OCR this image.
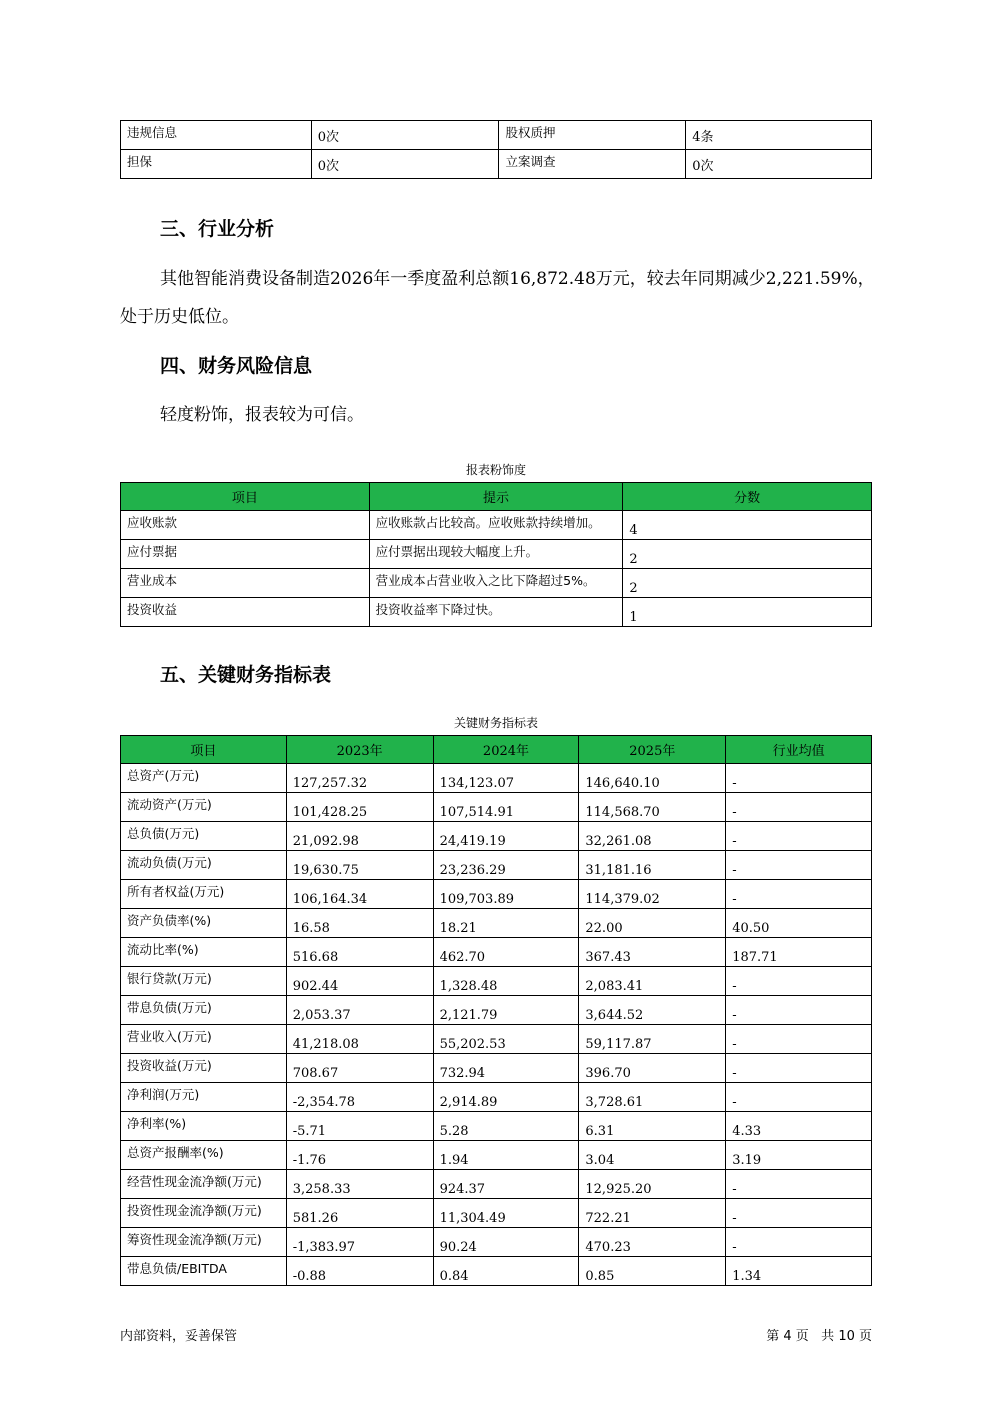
违规信息	0次	股权质押	4条
担保	0次	立案调查	0次
三、行业分析
其他智能消费设备制造2026年一季度盈利总额16,872.48万元，较去年同期减少2,221.59%，
处于历史低位。
四、财务风险信息
轻度粉饰，报表较为可信。
报表粉饰度
项目	提示	分数
应收账款	应收账款占比较高。应收账款持续增加。	4
应付票据	应付票据出现较大幅度上升。	2
营业成本	营业成本占营业收入之比下降超过5%。	2
投资收益	投资收益率下降过快。	1
五、关键财务指标表
关键财务指标表
项目	2023年	2024年	2025年	行业均值
总资产(万元)	127,257.32	134,123.07	146,640.10	-
流动资产(万元)	101,428.25	107,514.91	114,568.70	-
总负债(万元)	21,092.98	24,419.19	32,261.08	-
流动负债(万元)	19,630.75	23,236.29	31,181.16	-
所有者权益(万元)	106,164.34	109,703.89	114,379.02	-
资产负债率(%)	16.58	18.21	22.00	40.50
流动比率(%)	516.68	462.70	367.43	187.71
银行贷款(万元)	902.44	1,328.48	2,083.41	-
带息负债(万元)	2,053.37	2,121.79	3,644.52	-
营业收入(万元)	41,218.08	55,202.53	59,117.87	-
投资收益(万元)	708.67	732.94	396.70	-
净利润(万元)	-2,354.78	2,914.89	3,728.61	-
净利率(%)	-5.71	5.28	6.31	4.33
总资产报酬率(%)	-1.76	1.94	3.04	3.19
经营性现金流净额(万元)	3,258.33	924.37	12,925.20	-
投资性现金流净额(万元)	581.26	11,304.49	722.21	-
筹资性现金流净额(万元)	-1,383.97	90.24	470.23	-
带息负债/EBITDA	-0.88	0.84	0.85	1.34
内部资料，妥善保管	第 4 页   共 10 页
